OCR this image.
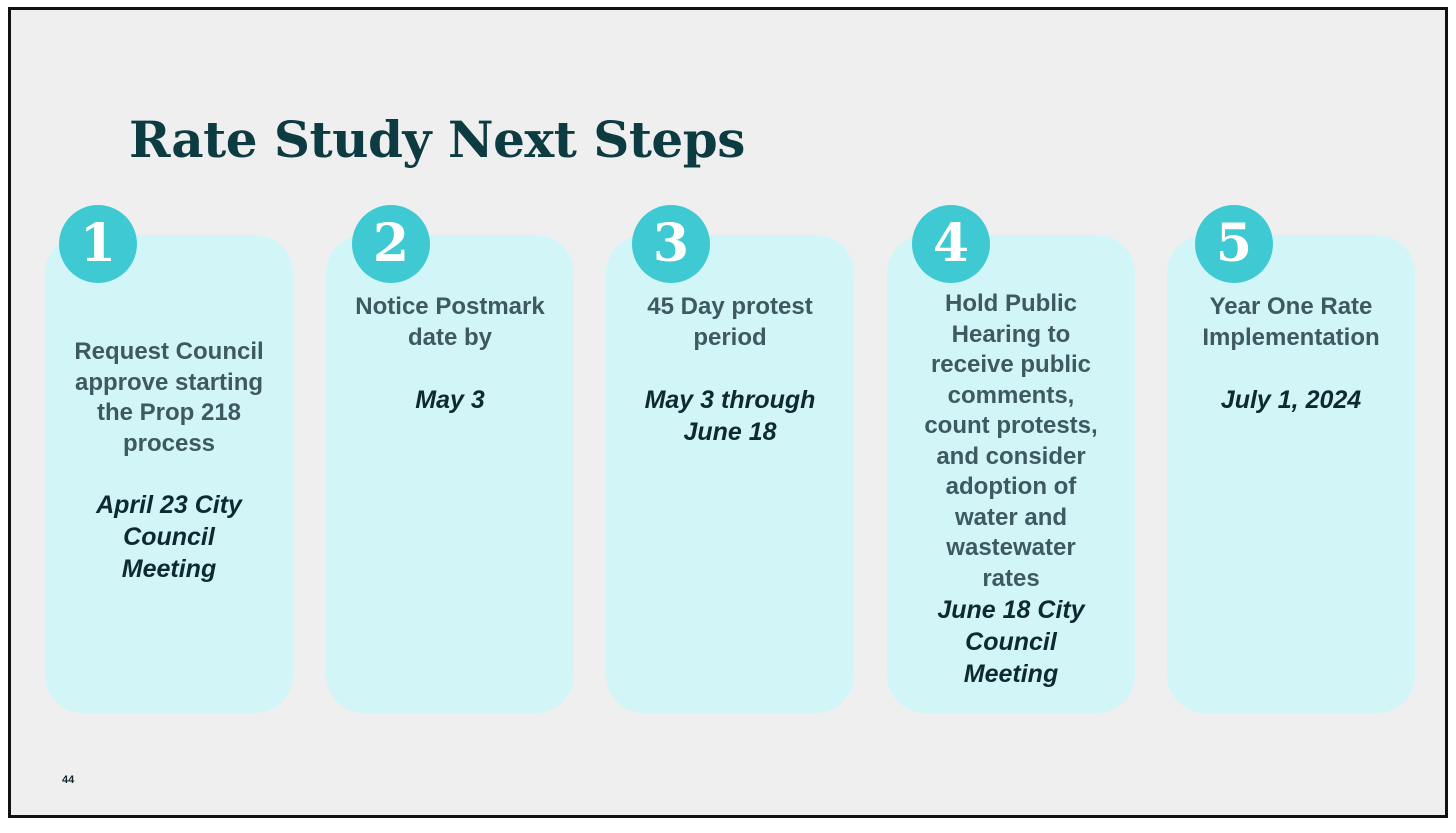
Rate Study Next Steps
Request Council
approve starting
the Prop 218
process
April 23 City
Council
Meeting
1
Notice Postmark
date by
May 3
2
45 Day protest
period
May 3 through
June 18
3
Hold Public
Hearing to
receive public
comments,
count protests,
and consider
adoption of
water and
wastewater
rates
June 18 City
Council
Meeting
4
Year One Rate
Implementation
July 1, 2024
5
44
